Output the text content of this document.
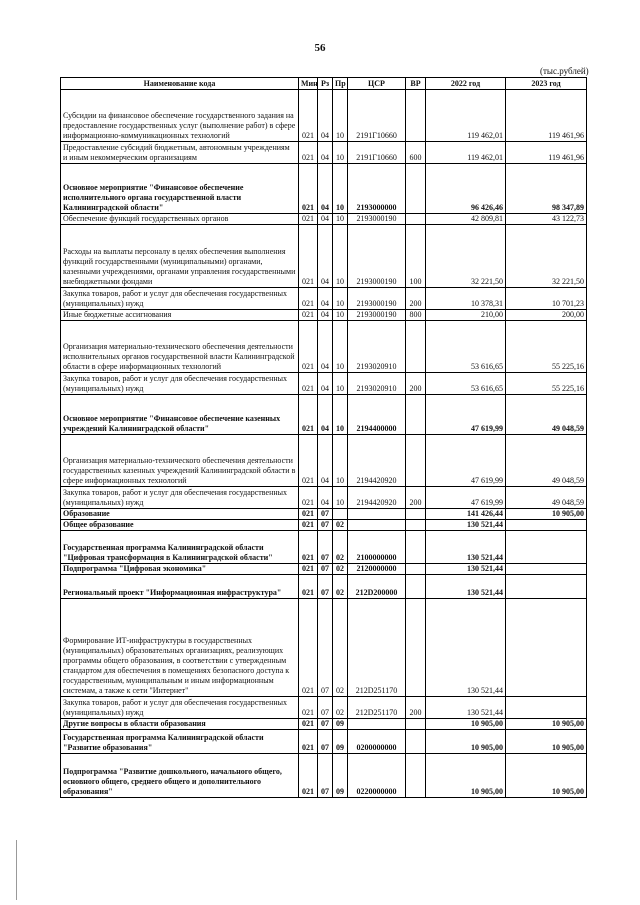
56
(тыс.рублей)
Наименование кода	Мин	Рз	Пр	ЦСР	ВР	2022 год	2023 год
Субсидии на финансовое обеспечение государственного задания на предоставление государственных услуг (выполнение работ) в сфере информационно-коммуникационных технологий	021	04	10	2191Г10660		119 462,01	119 461,96
Предоставление субсидий бюджетным, автономным учреждениям и иным некоммерческим организациям	021	04	10	2191Г10660	600	119 462,01	119 461,96
Основное мероприятие "Финансовое обеспечение исполнительного органа государственной власти Калининградской области"	021	04	10	2193000000		96 426,46	98 347,89
Обеспечение функций государственных органов	021	04	10	2193000190		42 809,81	43 122,73
Расходы на выплаты персоналу в целях обеспечения выполнения функций государственными (муниципальными) органами, казенными учреждениями, органами управления государственными внебюджетными фондами	021	04	10	2193000190	100	32 221,50	32 221,50
Закупка товаров, работ и услуг для обеспечения государственных (муниципальных) нужд	021	04	10	2193000190	200	10 378,31	10 701,23
Иные бюджетные ассигнования	021	04	10	2193000190	800	210,00	200,00
Организация материально-технического обеспечения деятельности исполнительных органов государственной власти Калининградской области в сфере информационных технологий	021	04	10	2193020910		53 616,65	55 225,16
Закупка товаров, работ и услуг для обеспечения государственных (муниципальных) нужд	021	04	10	2193020910	200	53 616,65	55 225,16
Основное мероприятие "Финансовое обеспечение казенных учреждений Калининградской области"	021	04	10	2194400000		47 619,99	49 048,59
Организация материально-технического обеспечения деятельности государственных казенных учреждений Калининградской области в сфере информационных технологий	021	04	10	2194420920		47 619,99	49 048,59
Закупка товаров, работ и услуг для обеспечения государственных (муниципальных) нужд	021	04	10	2194420920	200	47 619,99	49 048,59
Образование	021	07				141 426,44	10 905,00
Общее образование	021	07	02			130 521,44	
Государственная программа Калининградской области "Цифровая трансформация в Калининградской области"	021	07	02	2100000000		130 521,44	
Подпрограмма "Цифровая экономика"	021	07	02	2120000000		130 521,44	
Региональный проект "Информационная инфраструктура"	021	07	02	212D200000		130 521,44	
Формирование ИТ-инфраструктуры в государственных (муниципальных) образовательных организациях, реализующих программы общего образования, в соответствии с утвержденным стандартом для обеспечения в помещениях безопасного доступа к государственным, муниципальным и иным информационным системам, а также к сети "Интернет"	021	07	02	212D251170		130 521,44	
Закупка товаров, работ и услуг для обеспечения государственных (муниципальных) нужд	021	07	02	212D251170	200	130 521,44	
Другие вопросы в области образования	021	07	09			10 905,00	10 905,00
Государственная программа Калининградской области "Развитие образования"	021	07	09	0200000000		10 905,00	10 905,00
Подпрограмма "Развитие дошкольного, начального общего, основного общего, среднего общего и дополнительного образования"	021	07	09	0220000000		10 905,00	10 905,00
